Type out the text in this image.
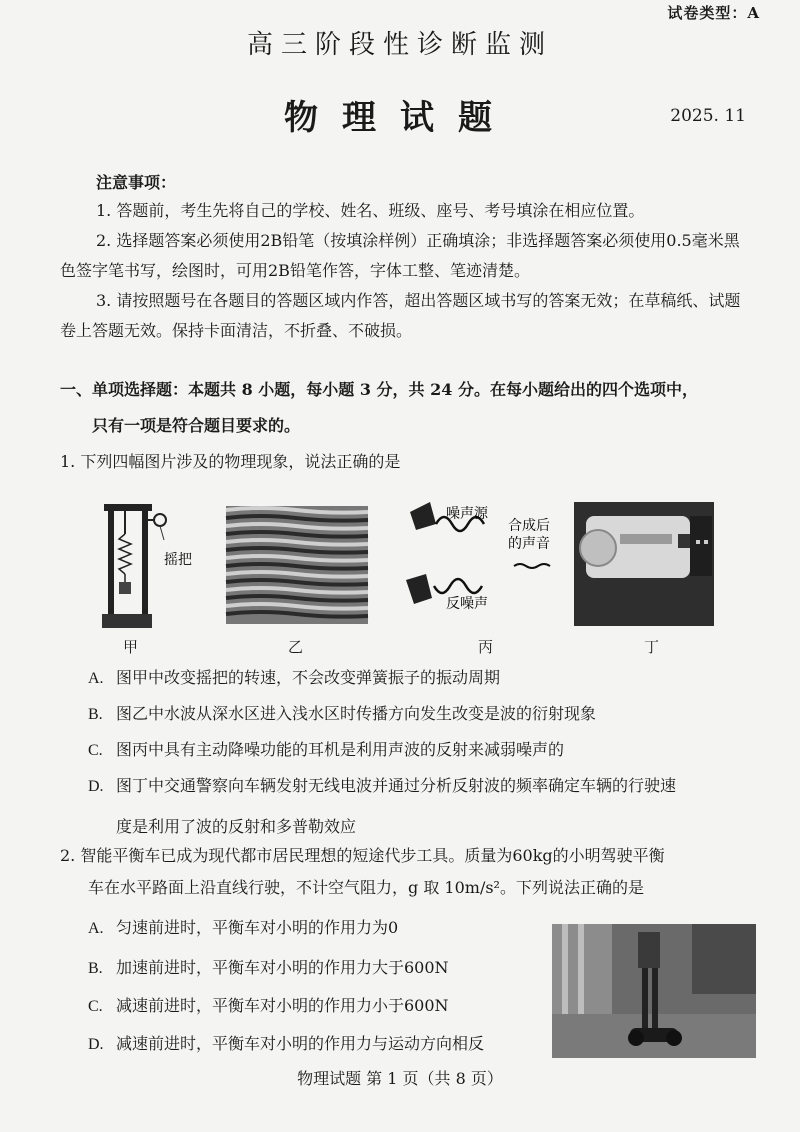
试卷类型：A
高三阶段性诊断监测
物理试题	2025. 11
注意事项：
1. 答题前，考生先将自己的学校、姓名、班级、座号、考号填涂在相应位置。
2. 选择题答案必须使用2B铅笔（按填涂样例）正确填涂；非选择题答案必须使用0.5毫米黑色签字笔书写，绘图时，可用2B铅笔作答，字体工整、笔迹清楚。
3. 请按照题号在各题目的答题区域内作答，超出答题区域书写的答案无效；在草稿纸、试题卷上答题无效。保持卡面清洁，不折叠、不破损。
一、单项选择题：本题共 8 小题，每小题 3 分，共 24 分。在每小题给出的四个选项中，
只有一项是符合题目要求的。
1. 下列四幅图片涉及的物理现象，说法正确的是
摇把
噪声源
反噪声
合成后
的声音
甲	乙	丙	丁
A. 图甲中改变摇把的转速，不会改变弹簧振子的振动周期
B. 图乙中水波从深水区进入浅水区时传播方向发生改变是波的衍射现象
C. 图丙中具有主动降噪功能的耳机是利用声波的反射来减弱噪声的
D. 图丁中交通警察向车辆发射无线电波并通过分析反射波的频率确定车辆的行驶速
度是利用了波的反射和多普勒效应
2. 智能平衡车已成为现代都市居民理想的短途代步工具。质量为60kg的小明驾驶平衡
车在水平路面上沿直线行驶，不计空气阻力，g 取 10m/s²。下列说法正确的是
A. 匀速前进时，平衡车对小明的作用力为0
B. 加速前进时，平衡车对小明的作用力大于600N
C. 减速前进时，平衡车对小明的作用力小于600N
D. 减速前进时，平衡车对小明的作用力与运动方向相反
物理试题 第 1 页（共 8 页）
